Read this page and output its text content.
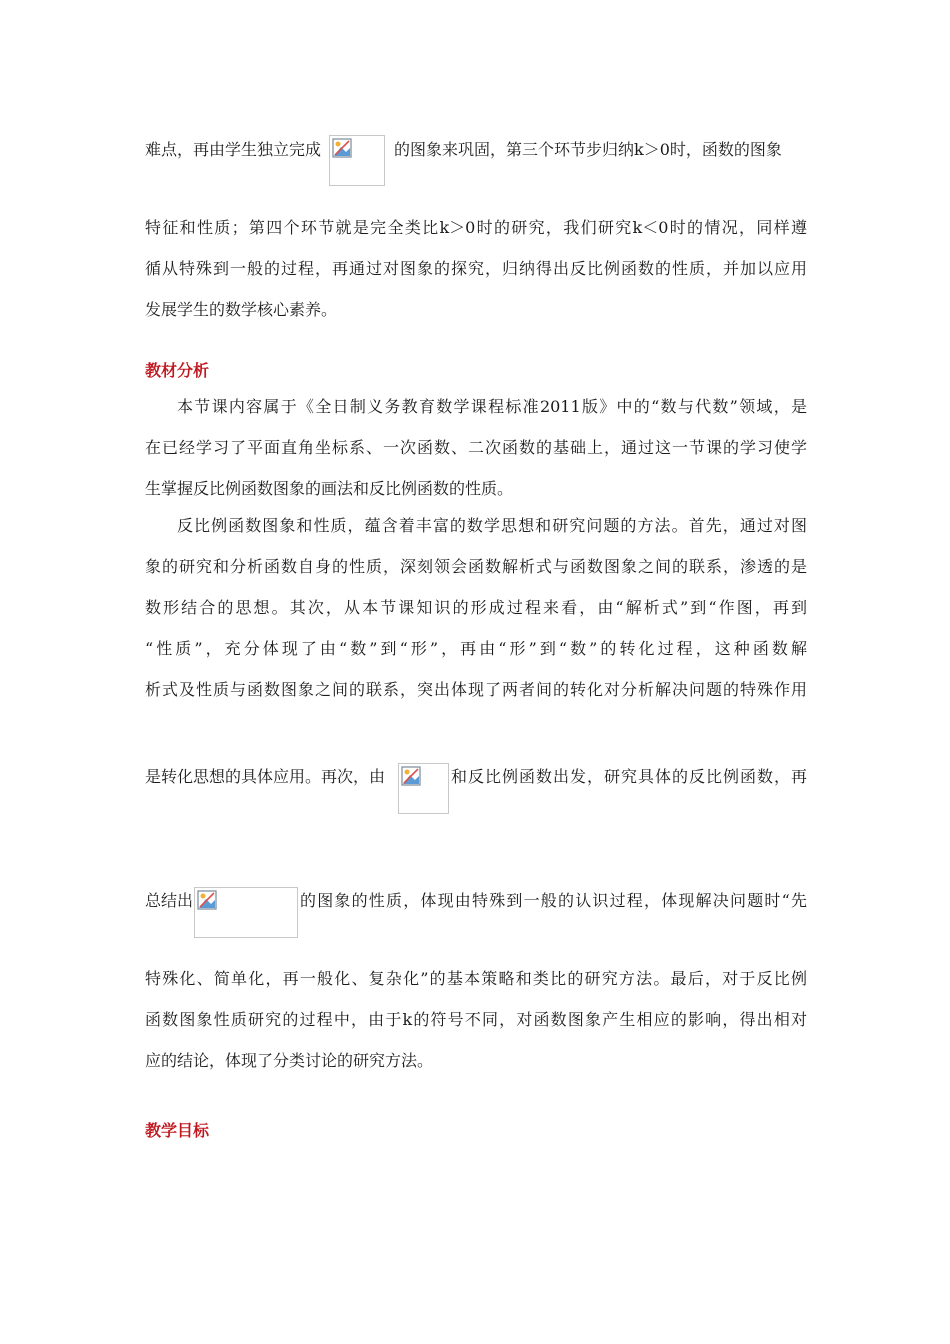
难点，再由学生独立完成	的图象来巩固，第三个环节步归纳k＞0时，函数的图象
特征和性质；第四个环节就是完全类比k＞0时的研究，我们研究k＜0时的情况，同样遵
循从特殊到一般的过程，再通过对图象的探究，归纳得出反比例函数的性质，并加以应用
发展学生的数学核心素养。
教材分析
本节课内容属于《全日制义务教育数学课程标准2011版》中的“数与代数”领域，是
在已经学习了平面直角坐标系、一次函数、二次函数的基础上，通过这一节课的学习使学
生掌握反比例函数图象的画法和反比例函数的性质。
反比例函数图象和性质，蕴含着丰富的数学思想和研究问题的方法。首先，通过对图
象的研究和分析函数自身的性质，深刻领会函数解析式与函数图象之间的联系，渗透的是
数形结合的思想。其次，从本节课知识的形成过程来看，由“解析式”到“作图，再到
“性质”，充分体现了由“数”到“形”，再由“形”到“数”的转化过程，这种函数解
析式及性质与函数图象之间的联系，突出体现了两者间的转化对分析解决问题的特殊作用
是转化思想的具体应用。再次，由	和反比例函数出发，研究具体的反比例函数，再
总结出	的图象的性质，体现由特殊到一般的认识过程，体现解决问题时“先
特殊化、简单化，再一般化、复杂化”的基本策略和类比的研究方法。最后，对于反比例
函数图象性质研究的过程中，由于k的符号不同，对函数图象产生相应的影响，得出相对
应的结论，体现了分类讨论的研究方法。
教学目标
